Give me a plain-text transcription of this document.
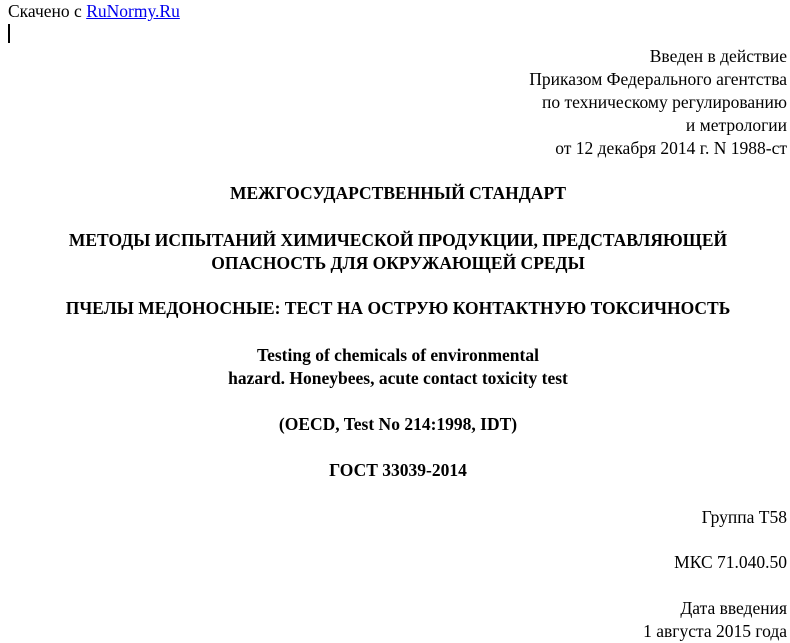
Скачено с RuNormy.Ru
Введен в действие
Приказом Федерального агентства
по техническому регулированию
и метрологии
от 12 декабря 2014 г. N 1988-ст
МЕЖГОСУДАРСТВЕННЫЙ СТАНДАРТ
МЕТОДЫ ИСПЫТАНИЙ ХИМИЧЕСКОЙ ПРОДУКЦИИ, ПРЕДСТАВЛЯЮЩЕЙ
ОПАСНОСТЬ ДЛЯ ОКРУЖАЮЩЕЙ СРЕДЫ
ПЧЕЛЫ МЕДОНОСНЫЕ: ТЕСТ НА ОСТРУЮ КОНТАКТНУЮ ТОКСИЧНОСТЬ
Testing of chemicals of environmental
hazard. Honeybees, acute contact toxicity test
(OECD, Test No 214:1998, IDT)
ГОСТ 33039-2014
Группа Т58
МКС 71.040.50
Дата введения
1 августа 2015 года
